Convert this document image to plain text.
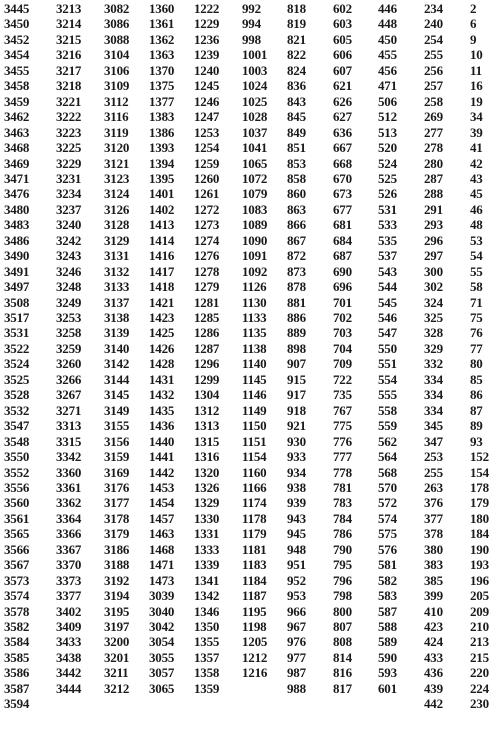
3445 3213 3082 1360 1222 992 818 602 446 234 2
3450 3214 3086 1361 1229 994 819 603 448 240 6
3452 3215 3088 1362 1236 998 821 605 450 254 9
3454 3216 3104 1363 1239 1001 822 606 455 255 10
3455 3217 3106 1370 1240 1003 824 607 456 256 11
3458 3218 3109 1375 1245 1024 836 621 471 257 16
3459 3221 3112 1377 1246 1025 843 626 506 258 19
3462 3222 3116 1383 1247 1028 845 627 512 269 34
3463 3223 3119 1386 1253 1037 849 636 513 277 39
3468 3225 3120 1393 1254 1041 851 667 520 278 41
3469 3229 3121 1394 1259 1065 853 668 524 280 42
3471 3231 3123 1395 1260 1072 858 670 525 287 43
3476 3234 3124 1401 1261 1079 860 673 526 288 45
3480 3237 3126 1402 1272 1083 863 677 531 291 46
3483 3240 3128 1413 1273 1089 866 681 533 293 48
3486 3242 3129 1414 1274 1090 867 684 535 296 53
3490 3243 3131 1416 1276 1091 872 687 537 297 54
3491 3246 3132 1417 1278 1092 873 690 543 300 55
3497 3248 3133 1418 1279 1126 878 696 544 302 58
3508 3249 3137 1421 1281 1130 881 701 545 324 71
3517 3253 3138 1423 1285 1133 886 702 546 325 75
3531 3258 3139 1425 1286 1135 889 703 547 328 76
3522 3259 3140 1426 1287 1138 898 704 550 329 77
3524 3260 3142 1428 1296 1140 907 709 551 332 80
3525 3266 3144 1431 1299 1145 915 722 554 334 85
3528 3267 3145 1432 1304 1146 917 735 555 334 86
3532 3271 3149 1435 1312 1149 918 767 558 334 87
3547 3313 3155 1436 1313 1150 921 775 559 345 89
3548 3315 3156 1440 1315 1151 930 776 562 347 93
3550 3342 3159 1441 1316 1154 933 777 564 253 152
3552 3360 3169 1442 1320 1160 934 778 568 255 154
3556 3361 3176 1453 1326 1166 938 781 570 263 178
3560 3362 3177 1454 1329 1174 939 783 572 376 179
3561 3364 3178 1457 1330 1178 943 784 574 377 180
3565 3366 3179 1463 1331 1179 945 786 575 378 184
3566 3367 3186 1468 1333 1181 948 790 576 380 190
3567 3370 3188 1471 1339 1183 951 795 581 383 193
3573 3373 3192 1473 1341 1184 952 796 582 385 196
3574 3377 3194 3039 1342 1187 953 798 583 399 205
3578 3402 3195 3040 1346 1195 966 800 587 410 209
3582 3409 3197 3042 1350 1198 967 807 588 423 210
3584 3433 3200 3054 1355 1205 976 808 589 424 213
3585 3438 3201 3055 1357 1212 977 814 590 433 215
3586 3442 3211 3057 1358 1216 987 816 593 436 220
3587 3444 3212 3065 1359	988 817 601 439 224
3594	442 230
